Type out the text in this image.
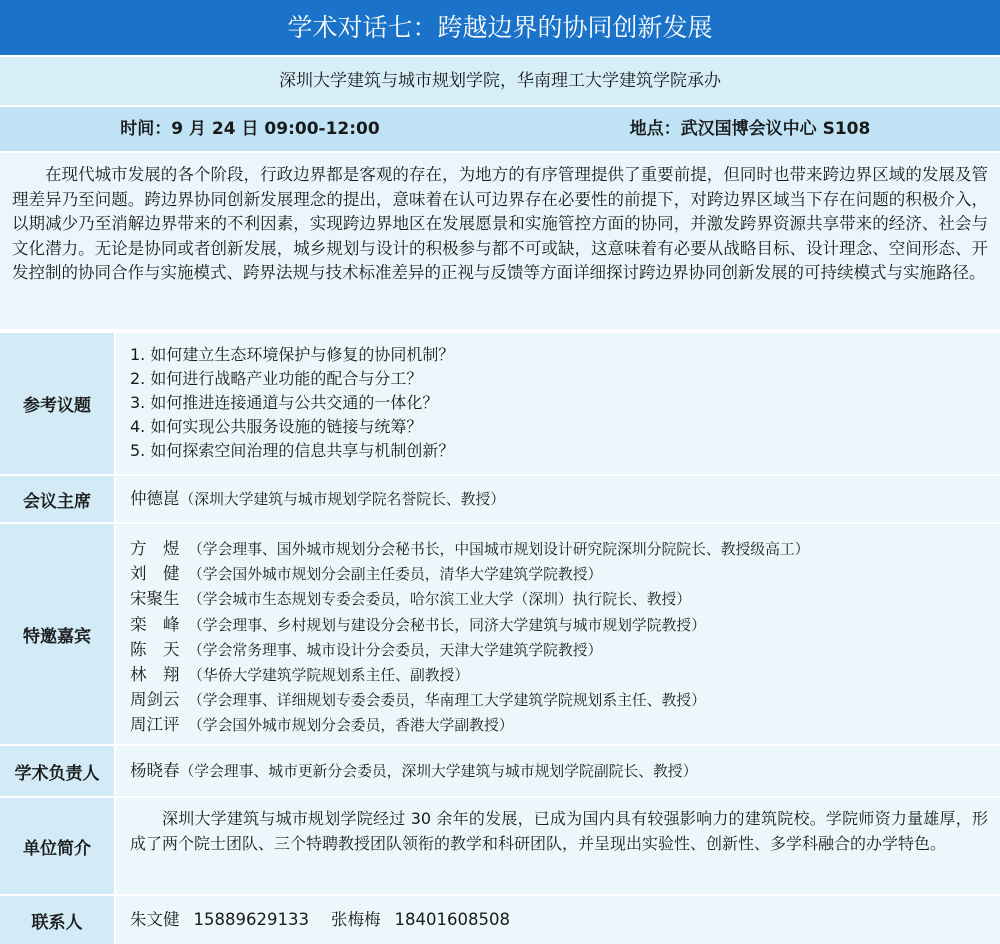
学术对话七：跨越边界的协同创新发展
深圳大学建筑与城市规划学院，华南理工大学建筑学院承办
时间：9 月 24 日 09:00-12:00	地点：武汉国博会议中心 S108

在现代城市发展的各个阶段，行政边界都是客观的存在，为地方的有序管理提供了重要前提，但同时也带来跨边界区域的发展及管理差异乃至问题。跨边界协同创新发展理念的提出，意味着在认可边界存在必要性的前提下，对跨边界区域当下存在问题的积极介入，以期减少乃至消解边界带来的不利因素，实现跨边界地区在发展愿景和实施管控方面的协同，并激发跨界资源共享带来的经济、社会与文化潜力。无论是协同或者创新发展，城乡规划与设计的积极参与都不可或缺，这意味着有必要从战略目标、设计理念、空间形态、开发控制的协同合作与实施模式、跨界法规与技术标准差异的正视与反馈等方面详细探讨跨边界协同创新发展的可持续模式与实施路径。

参考议题
1. 如何建立生态环境保护与修复的协同机制？
2. 如何进行战略产业功能的配合与分工？
3. 如何推进连接通道与公共交通的一体化？
4. 如何实现公共服务设施的链接与统筹？
5. 如何探索空间治理的信息共享与机制创新？
会议主席	仲德崑（深圳大学建筑与城市规划学院名誉院长、教授）
特邀嘉宾
方　煜 （学会理事、国外城市规划分会秘书长，中国城市规划设计研究院深圳分院院长、教授级高工）
刘　健 （学会国外城市规划分会副主任委员，清华大学建筑学院教授）
宋聚生 （学会城市生态规划专委会委员，哈尔滨工业大学（深圳）执行院长、教授）
栾　峰 （学会理事、乡村规划与建设分会秘书长，同济大学建筑与城市规划学院教授）
陈　天 （学会常务理事、城市设计分会委员，天津大学建筑学院教授）
林　翔 （华侨大学建筑学院规划系主任、副教授）
周剑云 （学会理事、详细规划专委会委员，华南理工大学建筑学院规划系主任、教授）
周江评 （学会国外城市规划分会委员，香港大学副教授）
学术负责人	杨晓春（学会理事、城市更新分会委员，深圳大学建筑与城市规划学院副院长、教授）
单位简介

深圳大学建筑与城市规划学院经过 30 余年的发展，已成为国内具有较强影响力的建筑院校。学院师资力量雄厚，形成了两个院士团队、三个特聘教授团队领衔的教学和科研团队，并呈现出实验性、创新性、多学科融合的办学特色。

联系人	朱文健 15889629133 张梅梅 18401608508
